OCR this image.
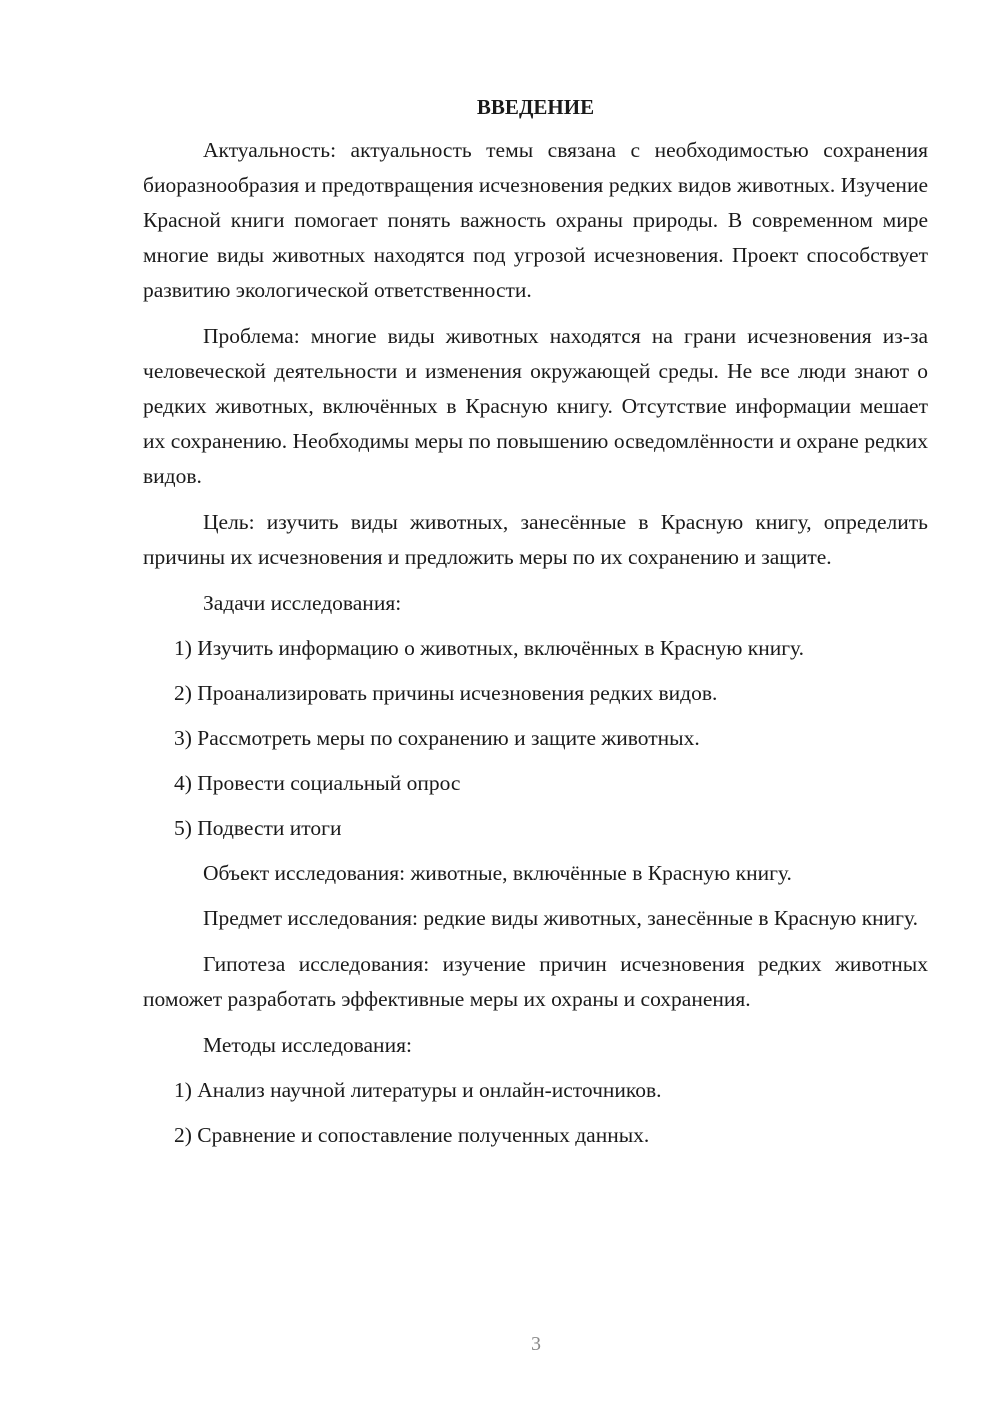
ВВЕДЕНИЕ

Актуальность: актуальность темы связана с необходимостью сохранения биоразнообразия и предотвращения исчезновения редких видов животных. Изучение Красной книги помогает понять важность охраны природы. В современном мире многие виды животных находятся под угрозой исчезновения. Проект способствует развитию экологической ответственности.

Проблема: многие виды животных находятся на грани исчезновения из-за человеческой деятельности и изменения окружающей среды. Не все люди знают о редких животных, включённых в Красную книгу. Отсутствие информации мешает их сохранению. Необходимы меры по повышению осведомлённости и охране редких видов.

Цель: изучить виды животных, занесённые в Красную книгу, определить причины их исчезновения и предложить меры по их сохранению и защите.

Задачи исследования:

1) Изучить информацию о животных, включённых в Красную книгу.
2) Проанализировать причины исчезновения редких видов.
3) Рассмотреть меры по сохранению и защите животных.
4) Провести социальный опрос
5) Подвести итоги

Объект исследования: животные, включённые в Красную книгу.

Предмет исследования: редкие виды животных, занесённые в Красную книгу.

Гипотеза исследования: изучение причин исчезновения редких животных поможет разработать эффективные меры их охраны и сохранения.

Методы исследования:

1) Анализ научной литературы и онлайн-источников.
2) Сравнение и сопоставление полученных данных.
3
